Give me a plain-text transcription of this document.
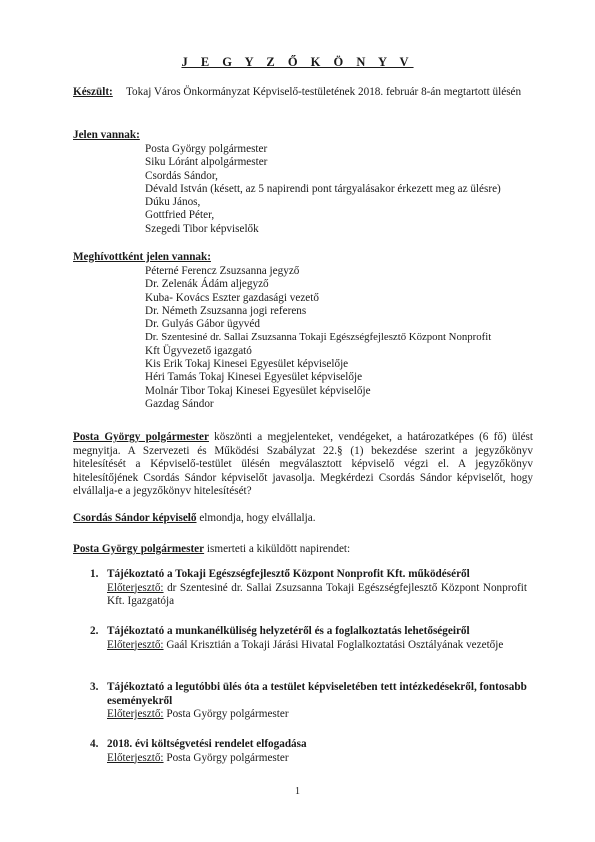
J E G Y Z Ő K Ö N Y V
Készült: Tokaj Város Önkormányzat Képviselő-testületének 2018. február 8-án megtartott ülésén
Jelen vannak:
Posta György polgármester
Siku Lóránt alpolgármester
Csordás Sándor,
Dévald István (késett, az 5 napirendi pont tárgyalásakor érkezett meg az ülésre)
Dúku János,
Gottfried Péter,
Szegedi Tibor képviselők
Meghívottként jelen vannak:
Péterné Ferencz Zsuzsanna jegyző
Dr. Zelenák Ádám aljegyző
Kuba- Kovács Eszter gazdasági vezető
Dr. Németh Zsuzsanna jogi referens
Dr. Gulyás Gábor ügyvéd
Dr. Szentesiné dr. Sallai Zsuzsanna Tokaji Egészségfejlesztő Központ Nonprofit
Kft Ügyvezető igazgató
Kis Erik Tokaj Kinesei Egyesület képviselője
Héri Tamás Tokaj Kinesei Egyesület képviselője
Molnár Tibor Tokaj Kinesei Egyesület képviselője
Gazdag Sándor
Posta György polgármester köszönti a megjelenteket, vendégeket, a határozatképes (6 fő) ülést megnyitja. A Szervezeti és Működési Szabályzat 22.§ (1) bekezdése szerint a jegyzőkönyv hitelesítését a Képviselő-testület ülésén megválasztott képviselő végzi el. A jegyzőkönyv hitelesítőjének Csordás Sándor képviselőt javasolja. Megkérdezi Csordás Sándor képviselőt, hogy elvállalja-e a jegyzőkönyv hitelesítését?
Csordás Sándor képviselő elmondja, hogy elvállalja.
Posta György polgármester ismerteti a kiküldött napirendet:
1. Tájékoztató a Tokaji Egészségfejlesztő Központ Nonprofit Kft. működéséről
Előterjesztő: dr Szentesiné dr. Sallai Zsuzsanna Tokaji Egészségfejlesztő Központ Nonprofit Kft. Igazgatója
2. Tájékoztató a munkanélküliség helyzetéről és a foglalkoztatás lehetőségeiről
Előterjesztő: Gaál Krisztián a Tokaji Járási Hivatal Foglalkoztatási Osztályának vezetője
3. Tájékoztató a legutóbbi ülés óta a testület képviseletében tett intézkedésekről, fontosabb eseményekről
Előterjesztő: Posta György polgármester
4. 2018. évi költségvetési rendelet elfogadása
Előterjesztő: Posta György polgármester
1
